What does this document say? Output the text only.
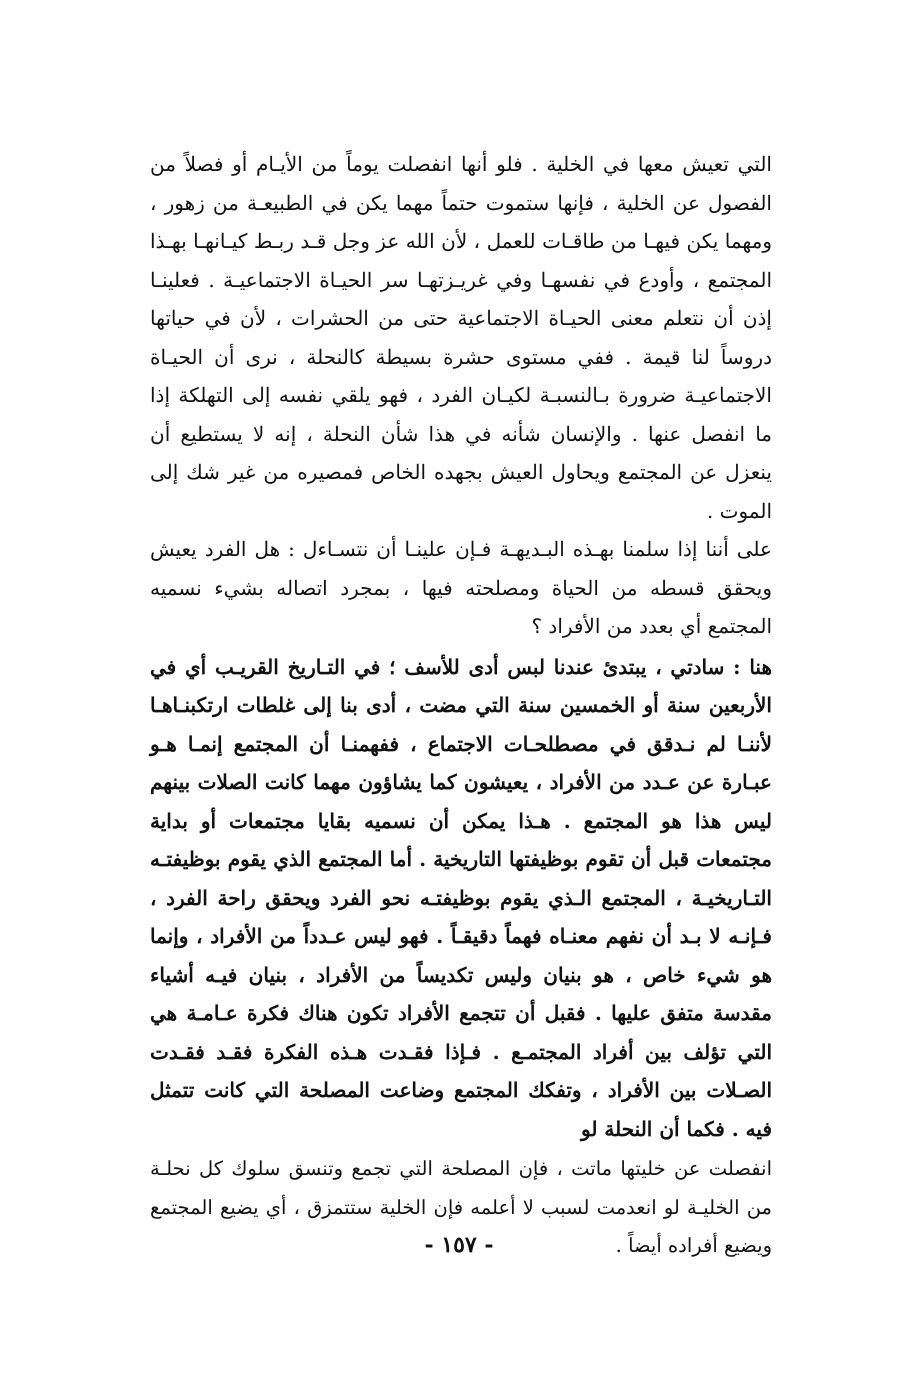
التي تعيش معها في الخلية . فلو أنها انفصلت يوماً من الأيـام أو فصلاً من الفصول عن الخلية ، فإنها ستموت حتماً مهما يكن في الطبيعـة من زهور ، ومهما يكن فيهـا من طاقـات للعمل ، لأن الله عز وجل قـد ربـط كيـانهـا بهـذا المجتمع ، وأودع في نفسهـا وفي غريـزتهـا سر الحيـاة الاجتماعيـة . فعلينـا إذن أن نتعلم معنى الحيـاة الاجتماعية حتى من الحشرات ، لأن في حياتها دروساً لنا قيمة . ففي مستوى حشرة بسيطة كالنحلة ، نرى أن الحيـاة الاجتماعيـة ضرورة بـالنسبـة لكيـان الفرد ، فهو يلقي نفسه إلى التهلكة إذا ما انفصل عنها . والإنسان شأنه في هذا شأن النحلة ، إنه لا يستطيع أن ينعزل عن المجتمع ويحاول العيش بجهده الخاص فمصيره من غير شك إلى الموت .

على أننا إذا سلمنا بهـذه البـديهـة فـإن علينـا أن نتسـاءل : هل الفرد يعيش ويحقق قسطه من الحياة ومصلحته فيها ، بمجرد اتصاله بشيء نسميه المجتمع أي بعدد من الأفراد ؟

هنا : سادتي ، يبتدئ عندنا لبس أدى للأسف ؛ في التـاريخ القريـب أي في الأربعين سنة أو الخمسين سنة التي مضت ، أدى بنا إلى غلطات ارتكبنـاهـا لأننـا لم نـدقق في مصطلحـات الاجتماع ، ففهمنـا أن المجتمع إنمـا هـو عبـارة عن عـدد من الأفراد ، يعيشون كما يشاؤون مهما كانت الصلات بينهم ليس هذا هو المجتمع . هـذا يمكن أن نسميه بقايا مجتمعات أو بداية مجتمعات قبل أن تقوم بوظيفتها التاريخية . أما المجتمع الذي يقوم بوظيفتـه التـاريخيـة ، المجتمع الـذي يقوم بوظيفتـه نحو الفرد ويحقق راحة الفرد ، فـإنـه لا بـد أن نفهم معنـاه فهماً دقيقـاً . فهو ليس عـدداً من الأفراد ، وإنما هو شيء خاص ، هو بنيان وليس تكديساً من الأفراد ، بنيان فيـه أشياء مقدسة متفق عليها . فقبل أن تتجمع الأفراد تكون هناك فكرة عـامـة هي التي تؤلف بين أفراد المجتمـع . فـإذا فقـدت هـذه الفكرة فقـد فقـدت الصـلات بين الأفراد ، وتفكك المجتمع وضاعت المصلحة التي كانت تتمثل فيه . فكما أن النحلة لو

انفصلت عن خليتها ماتت ، فإن المصلحة التي تجمع وتنسق سلوك كل نحلـة من الخليـة لو انعدمت لسبب لا أعلمه فإن الخلية ستتمزق ، أي يضيع المجتمع ويضيع أفراده أيضاً .

- ١٥٧ -
